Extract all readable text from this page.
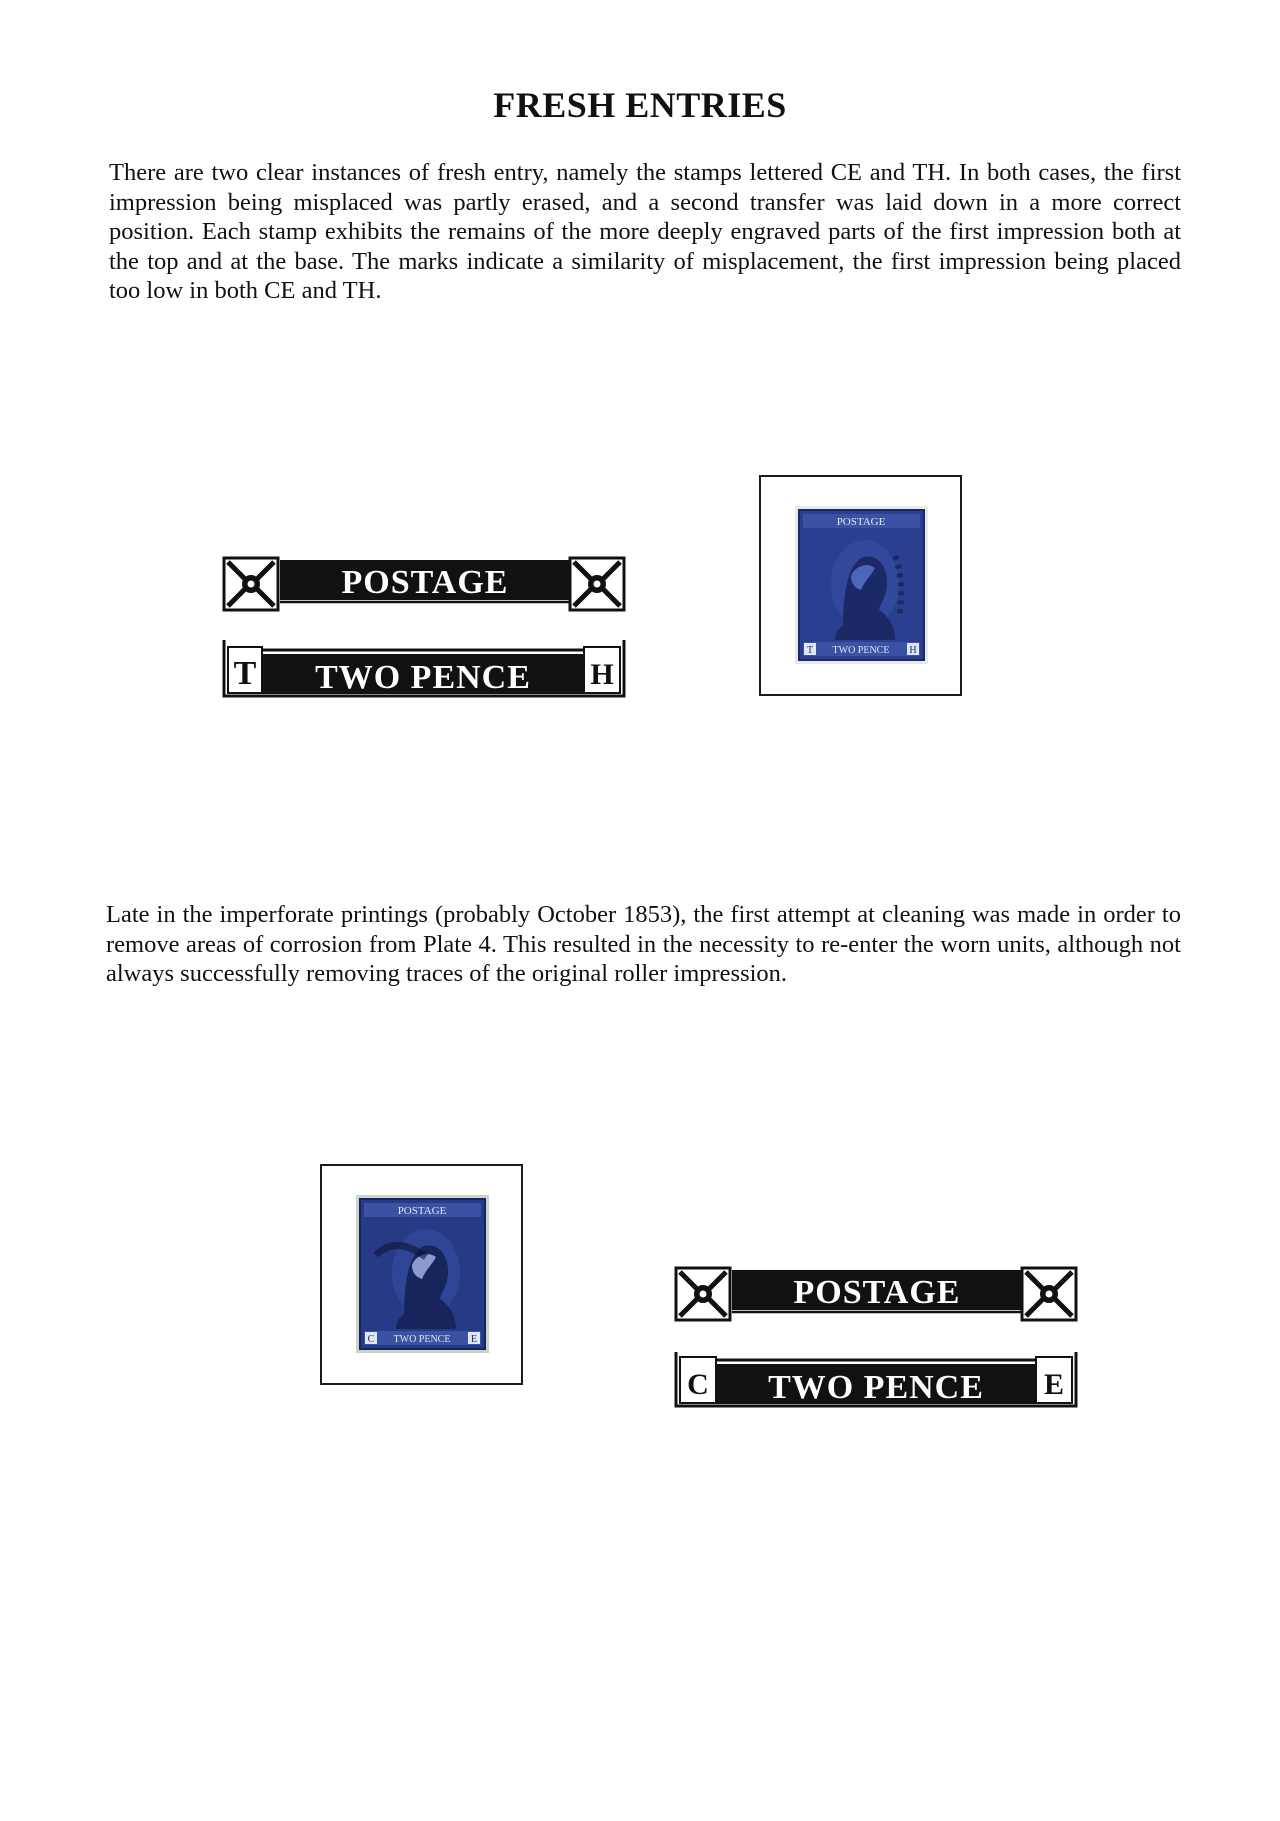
FRESH ENTRIES

There are two clear instances of fresh entry, namely the stamps lettered CE and TH. In both cases, the first impression being misplaced was partly erased, and a second transfer was laid down in a more correct position. Each stamp exhibits the remains of the more deeply engraved parts of the first impression both at the top and at the base. The marks indicate a similarity of misplacement, the first impression being placed too low in both CE and TH.

POSTAGE
T	H
TWO PENCE
POSTAGE
T	H
TWO PENCE

Late in the imperforate printings (probably October 1853), the first attempt at cleaning was made in order to remove areas of corrosion from Plate 4. This resulted in the necessity to re-enter the worn units, although not always successfully removing traces of the original roller impression.

POSTAGE
C	E
TWO PENCE
POSTAGE
C	E
TWO PENCE
